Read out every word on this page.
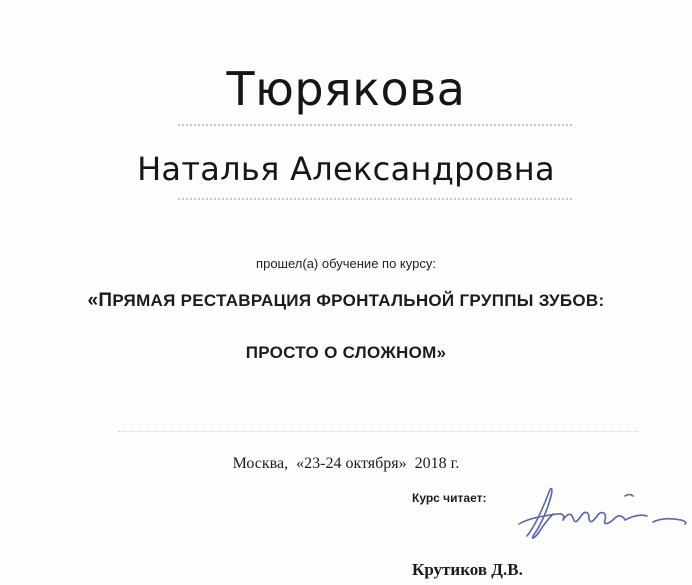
Тюрякова
Наталья Александровна
прошел(а) обучение по курсу:
«ПРЯМАЯ РЕСТАВРАЦИЯ ФРОНТАЛЬНОЙ ГРУППЫ ЗУБОВ:
ПРОСТО О СЛОЖНОМ»
Москва,  «23-24 октября»  2018 г.
Курс читает:
Крутиков Д.В.
